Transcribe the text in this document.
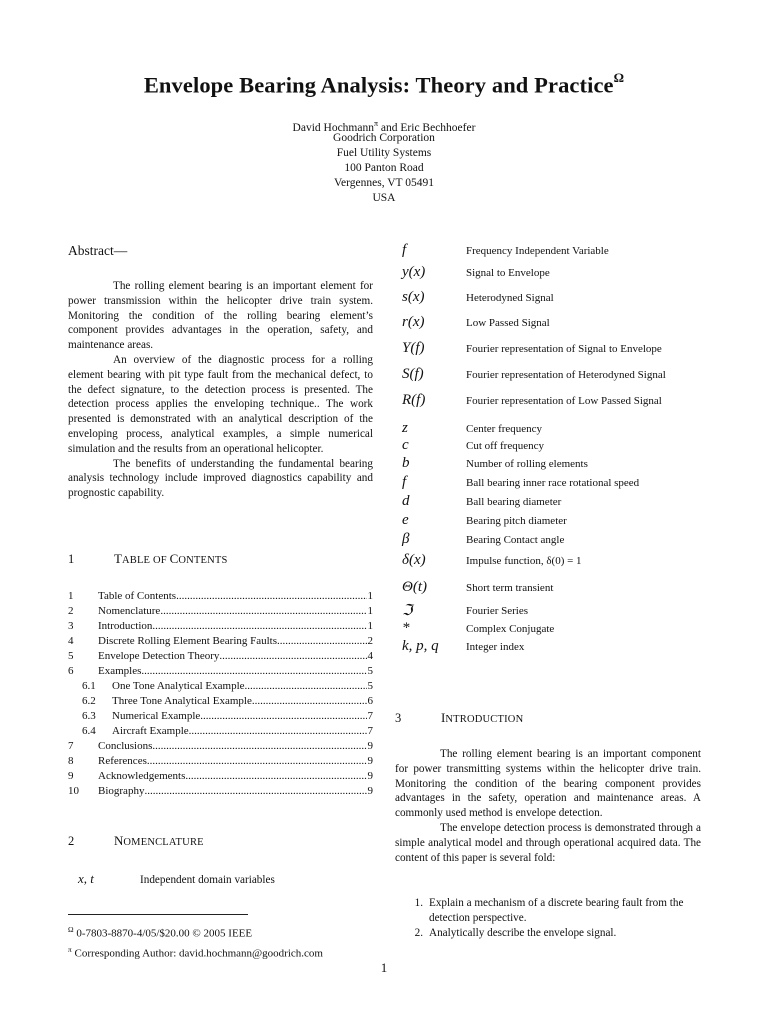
Envelope Bearing Analysis: Theory and Practice$^\Omega$
David Hochmann$^\pi$ and Eric Bechhoefer
Goodrich Corporation
Fuel Utility Systems
100 Panton Road
Vergennes, VT 05491
USA
Abstract—

The rolling element bearing is an important element for power transmission within the helicopter drive train system. Monitoring the condition of the rolling bearing element’s component provides advantages in the operation, safety, and maintenance areas.

An overview of the diagnostic process for a rolling element bearing with pit type fault from the mechanical defect, to the defect signature, to the detection process is presented. The detection process applies the enveloping technique.. The work presented is demonstrated with an analytical description of the enveloping process, analytical examples, a simple numerical simulation and the results from an operational helicopter.

The benefits of understanding the fundamental bearing analysis technology include improved diagnostics capability and prognostic capability.

1	TABLE OF CONTENTS
1	Table of Contents .....	1
2	Nomenclature .....	1
3	Introduction .....	1
4	Discrete Rolling Element Bearing Faults .....	2
5	Envelope Detection Theory .....	4
6	Examples .....	5
6.1	One Tone Analytical Example .....	5
6.2	Three Tone Analytical Example .....	6
6.3	Numerical Example .....	7
6.4	Aircraft Example .....	7
7	Conclusions .....	9
8	References .....	9
9	Acknowledgements .....	9
10	Biography .....	9
2	NOMENCLATURE
x, t	Independent domain variables
$^\Omega$ 0-7803-8870-4/05/$20.00 © 2005 IEEE
$^\pi$ Corresponding Author: david.hochmann@goodrich.com
f	Frequency Independent Variable
y(x)	Signal to Envelope
s(x)	Heterodyned Signal
r(x)	Low Passed Signal
Y(f)	Fourier representation of Signal to Envelope
S(f)	Fourier representation of Heterodyned Signal
R(f)	Fourier representation of Low Passed Signal
z	Center frequency
c	Cut off frequency
b	Number of rolling elements
f	Ball bearing inner race rotational speed
d	Ball bearing diameter
e	Bearing pitch diameter
β	Bearing Contact angle
δ(x)	Impulse function, δ(0) = 1
Θ(t)	Short term transient
ℑ	Fourier Series
*	Complex Conjugate
k, p, q	Integer index
3	INTRODUCTION

The rolling element bearing is an important component for power transmitting systems within the helicopter drive train. Monitoring the condition of the bearing component provides advantages in the safety, operation and maintenance areas. A commonly used method is envelope detection.

The envelope detection process is demonstrated through a simple analytical model and through operational acquired data. The content of this paper is several fold:

1. Explain a mechanism of a discrete bearing fault from the detection perspective.
2. Analytically describe the envelope signal.
1
